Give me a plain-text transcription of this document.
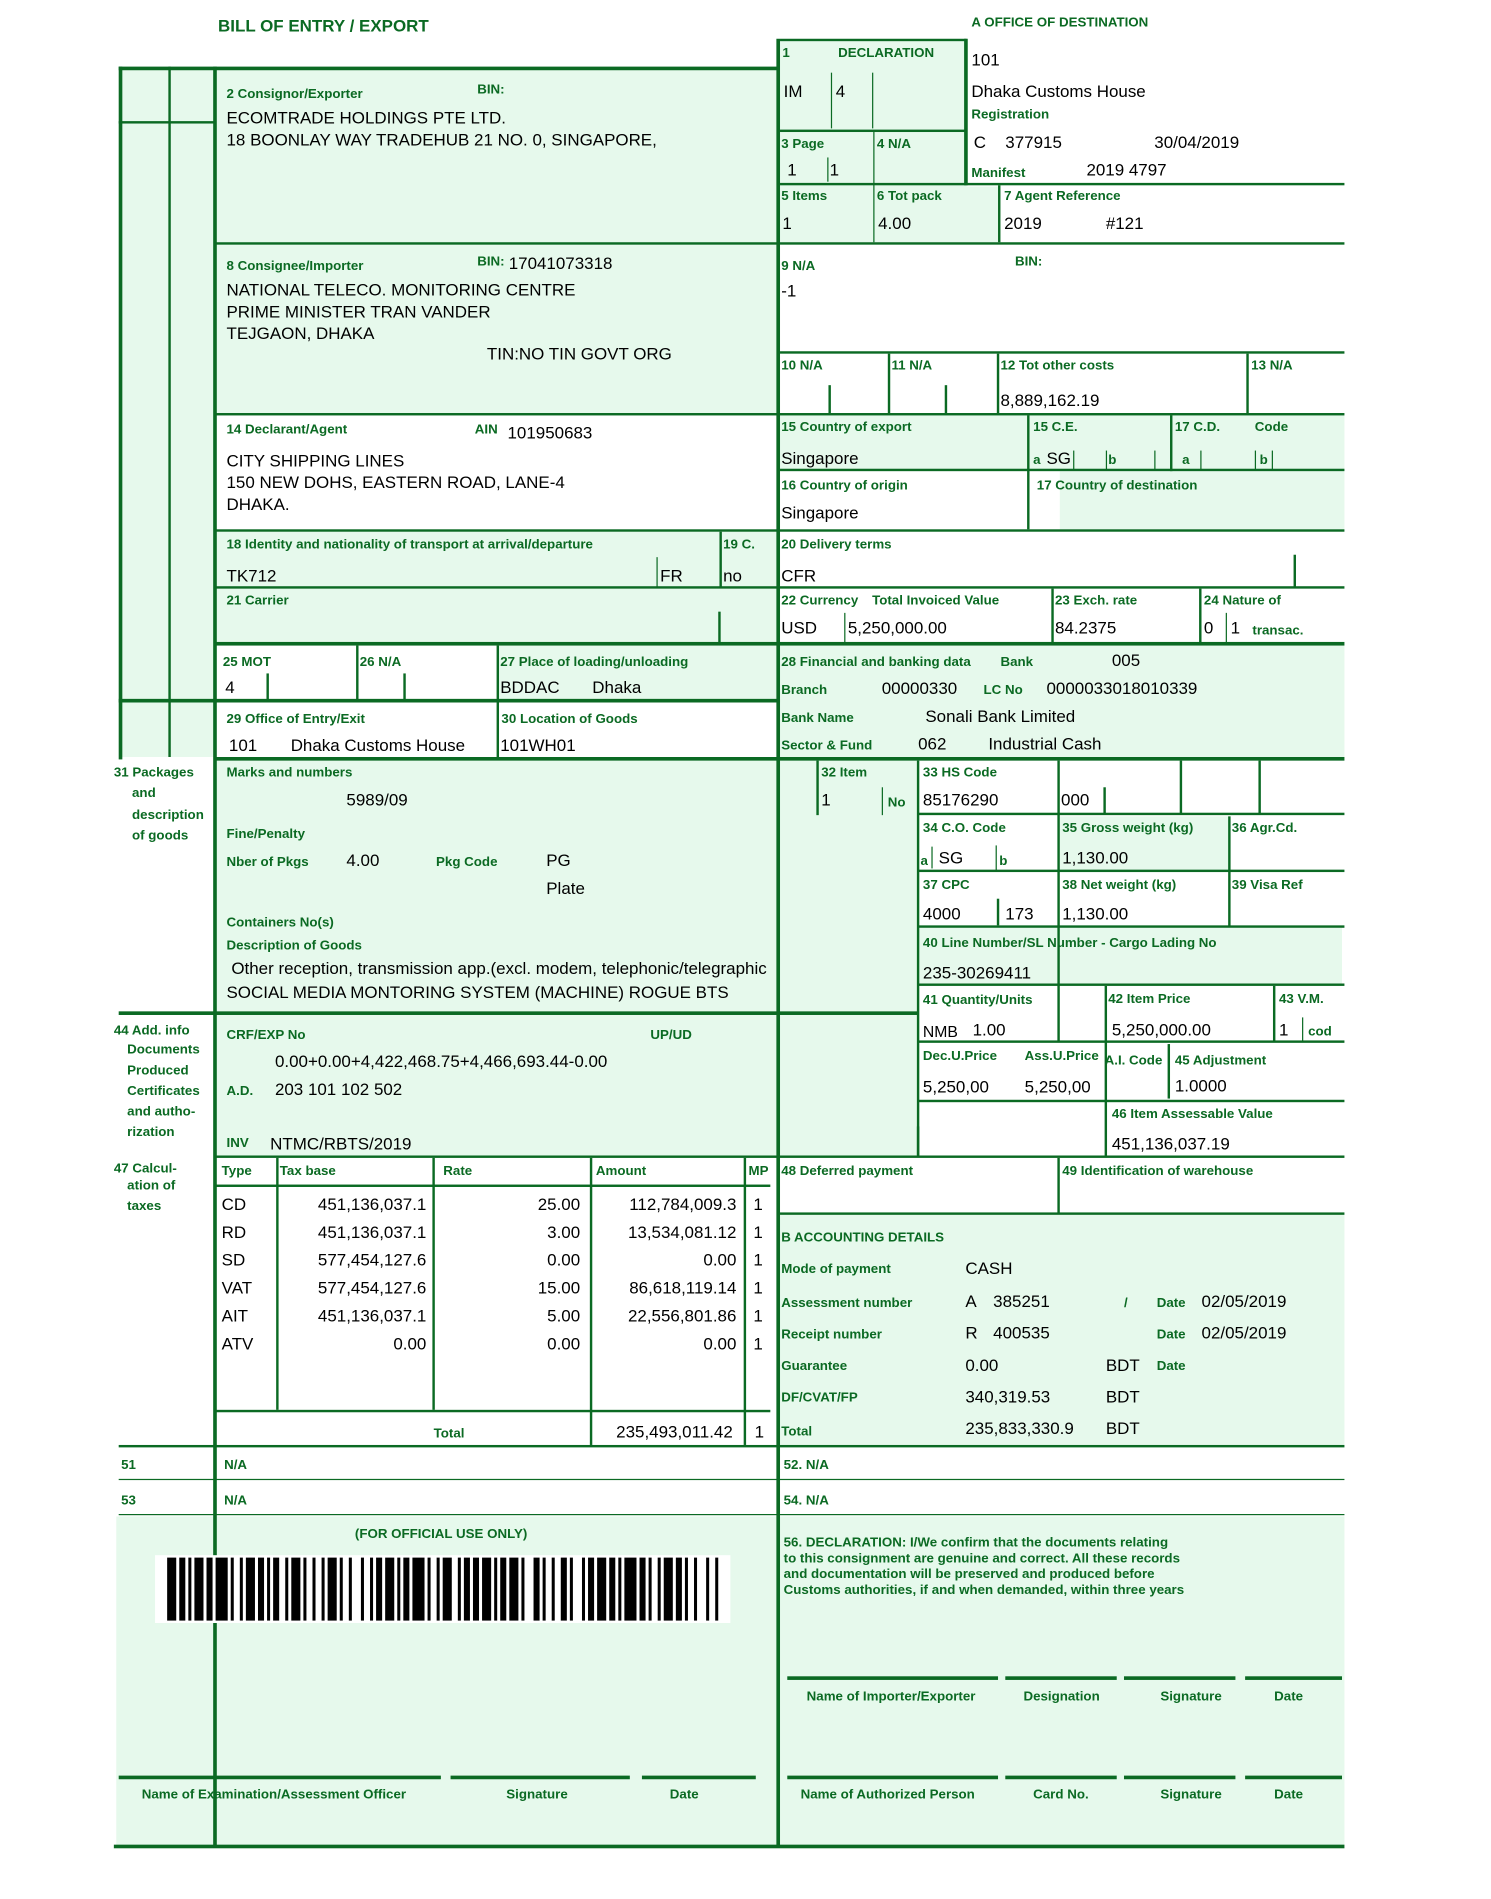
BILL OF ENTRY / EXPORT	A OFFICE OF DESTINATION
101
Dhaka Customs House
Registration
C 377915	30/04/2019
Manifest	2019 4797
1	DECLARATION
IM 4
3 Page
1 1
4 N/A
5 Items
1
6 Tot pack
4.00
7 Agent Reference
2019	#121
2 Consignor/Exporter	BIN:
ECOMTRADE HOLDINGS PTE LTD.
18 BOONLAY WAY TRADEHUB 21 NO. 0, SINGAPORE,
8 Consignee/Importer	BIN: 17041073318
NATIONAL TELECO. MONITORING CENTRE
PRIME MINISTER TRAN VANDER
TEJGAON, DHAKA
TIN:NO TIN GOVT ORG
9 N/A
-1
BIN:
10 N/A	11 N/A	12 Tot other costs
8,889,162.19
13 N/A
14 Declarant/Agent	AIN 101950683
CITY SHIPPING LINES
150 NEW DOHS, EASTERN ROAD, LANE-4
DHAKA.
15 Country of export
Singapore
15 C.E.
a SG	b
17 C.D.
a
Code
b
16 Country of origin
Singapore
17 Country of destination
18 Identity and nationality of transport at arrival/departure
TK712	FR
19 C.
no
20 Delivery terms
CFR
21 Carrier	22 Currency Total Invoiced Value
USD 5,250,000.00
23 Exch. rate
84.2375
24 Nature of
0 1 transac.
25 MOT
4
26 N/A	27 Place of loading/unloading
BDDAC Dhaka
29 Office of Entry/Exit
101 Dhaka Customs House
30 Location of Goods
101WH01
28 Financial and banking data	Bank	005
Branch	00000330 LC No 0000033018010339
Bank Name	Sonali Bank Limited
Sector & Fund	062	Industrial Cash
31 Packages
and
description
of goods
Marks and numbers
5989/09
Fine/Penalty
Nber of Pkgs	4.00	Pkg Code	PG
Plate
Containers No(s)
Description of Goods
Other reception, transmission app.(excl. modem, telephonic/telegraphic
SOCIAL MEDIA MONTORING SYSTEM (MACHINE) ROGUE BTS
32 Item
1	No
33 HS Code
85176290	000
34 C.O. Code
a SG	b
35 Gross weight (kg)
1,130.00
36 Agr.Cd.
37 CPC
4000	173
38 Net weight (kg)
1,130.00
39 Visa Ref
40 Line Number/SL Number - Cargo Lading No
235-30269411
41 Quantity/Units
NMB 1.00
42 Item Price
5,250,000.00
43 V.M.
1 cod
Dec.U.Price
5,250,00
Ass.U.Price
5,250,00
A.I. Code 45 Adjustment
1.0000
46 Item Assessable Value
451,136,037.19
44 Add. info
Documents
Produced
Certificates
and autho-
rization
CRF/EXP No	UP/UD
0.00+0.00+4,422,468.75+4,466,693.44-0.00
A.D. 203 101 102 502
INV NTMC/RBTS/2019
47 Calcul-
ation of
taxes
Type	Tax base	Rate	Amount	MP
CD	451,136,037.1	25.00	112,784,009.3 1
RD	451,136,037.1	3.00	13,534,081.12 1
SD	577,454,127.6	0.00	0.00 1
VAT	577,454,127.6	15.00	86,618,119.14 1
AIT	451,136,037.1	5.00	22,556,801.86 1
ATV	0.00	0.00	0.00 1
Total	235,493,011.42 1
48 Deferred payment	49 Identification of warehouse
B ACCOUNTING DETAILS
Mode of payment	CASH
Assessment number	A 385251	/	Date 02/05/2019
Receipt number	R 400535	Date 02/05/2019
Guarantee	0.00	BDT Date
DF/CVAT/FP	340,319.53	BDT
Total	235,833,330.9 BDT
51	N/A	52. N/A
53	N/A	54. N/A
(FOR OFFICIAL USE ONLY)
56. DECLARATION: I/We confirm that the documents relating
to this consignment are genuine and correct. All these records
and documentation will be preserved and produced before
Customs authorities, if and when demanded, within three years
Name of Importer/Exporter	Designation	Signature	Date
Name of Examination/Assessment Officer	Signature	Date	Name of Authorized Person	Card No.	Signature	Date
